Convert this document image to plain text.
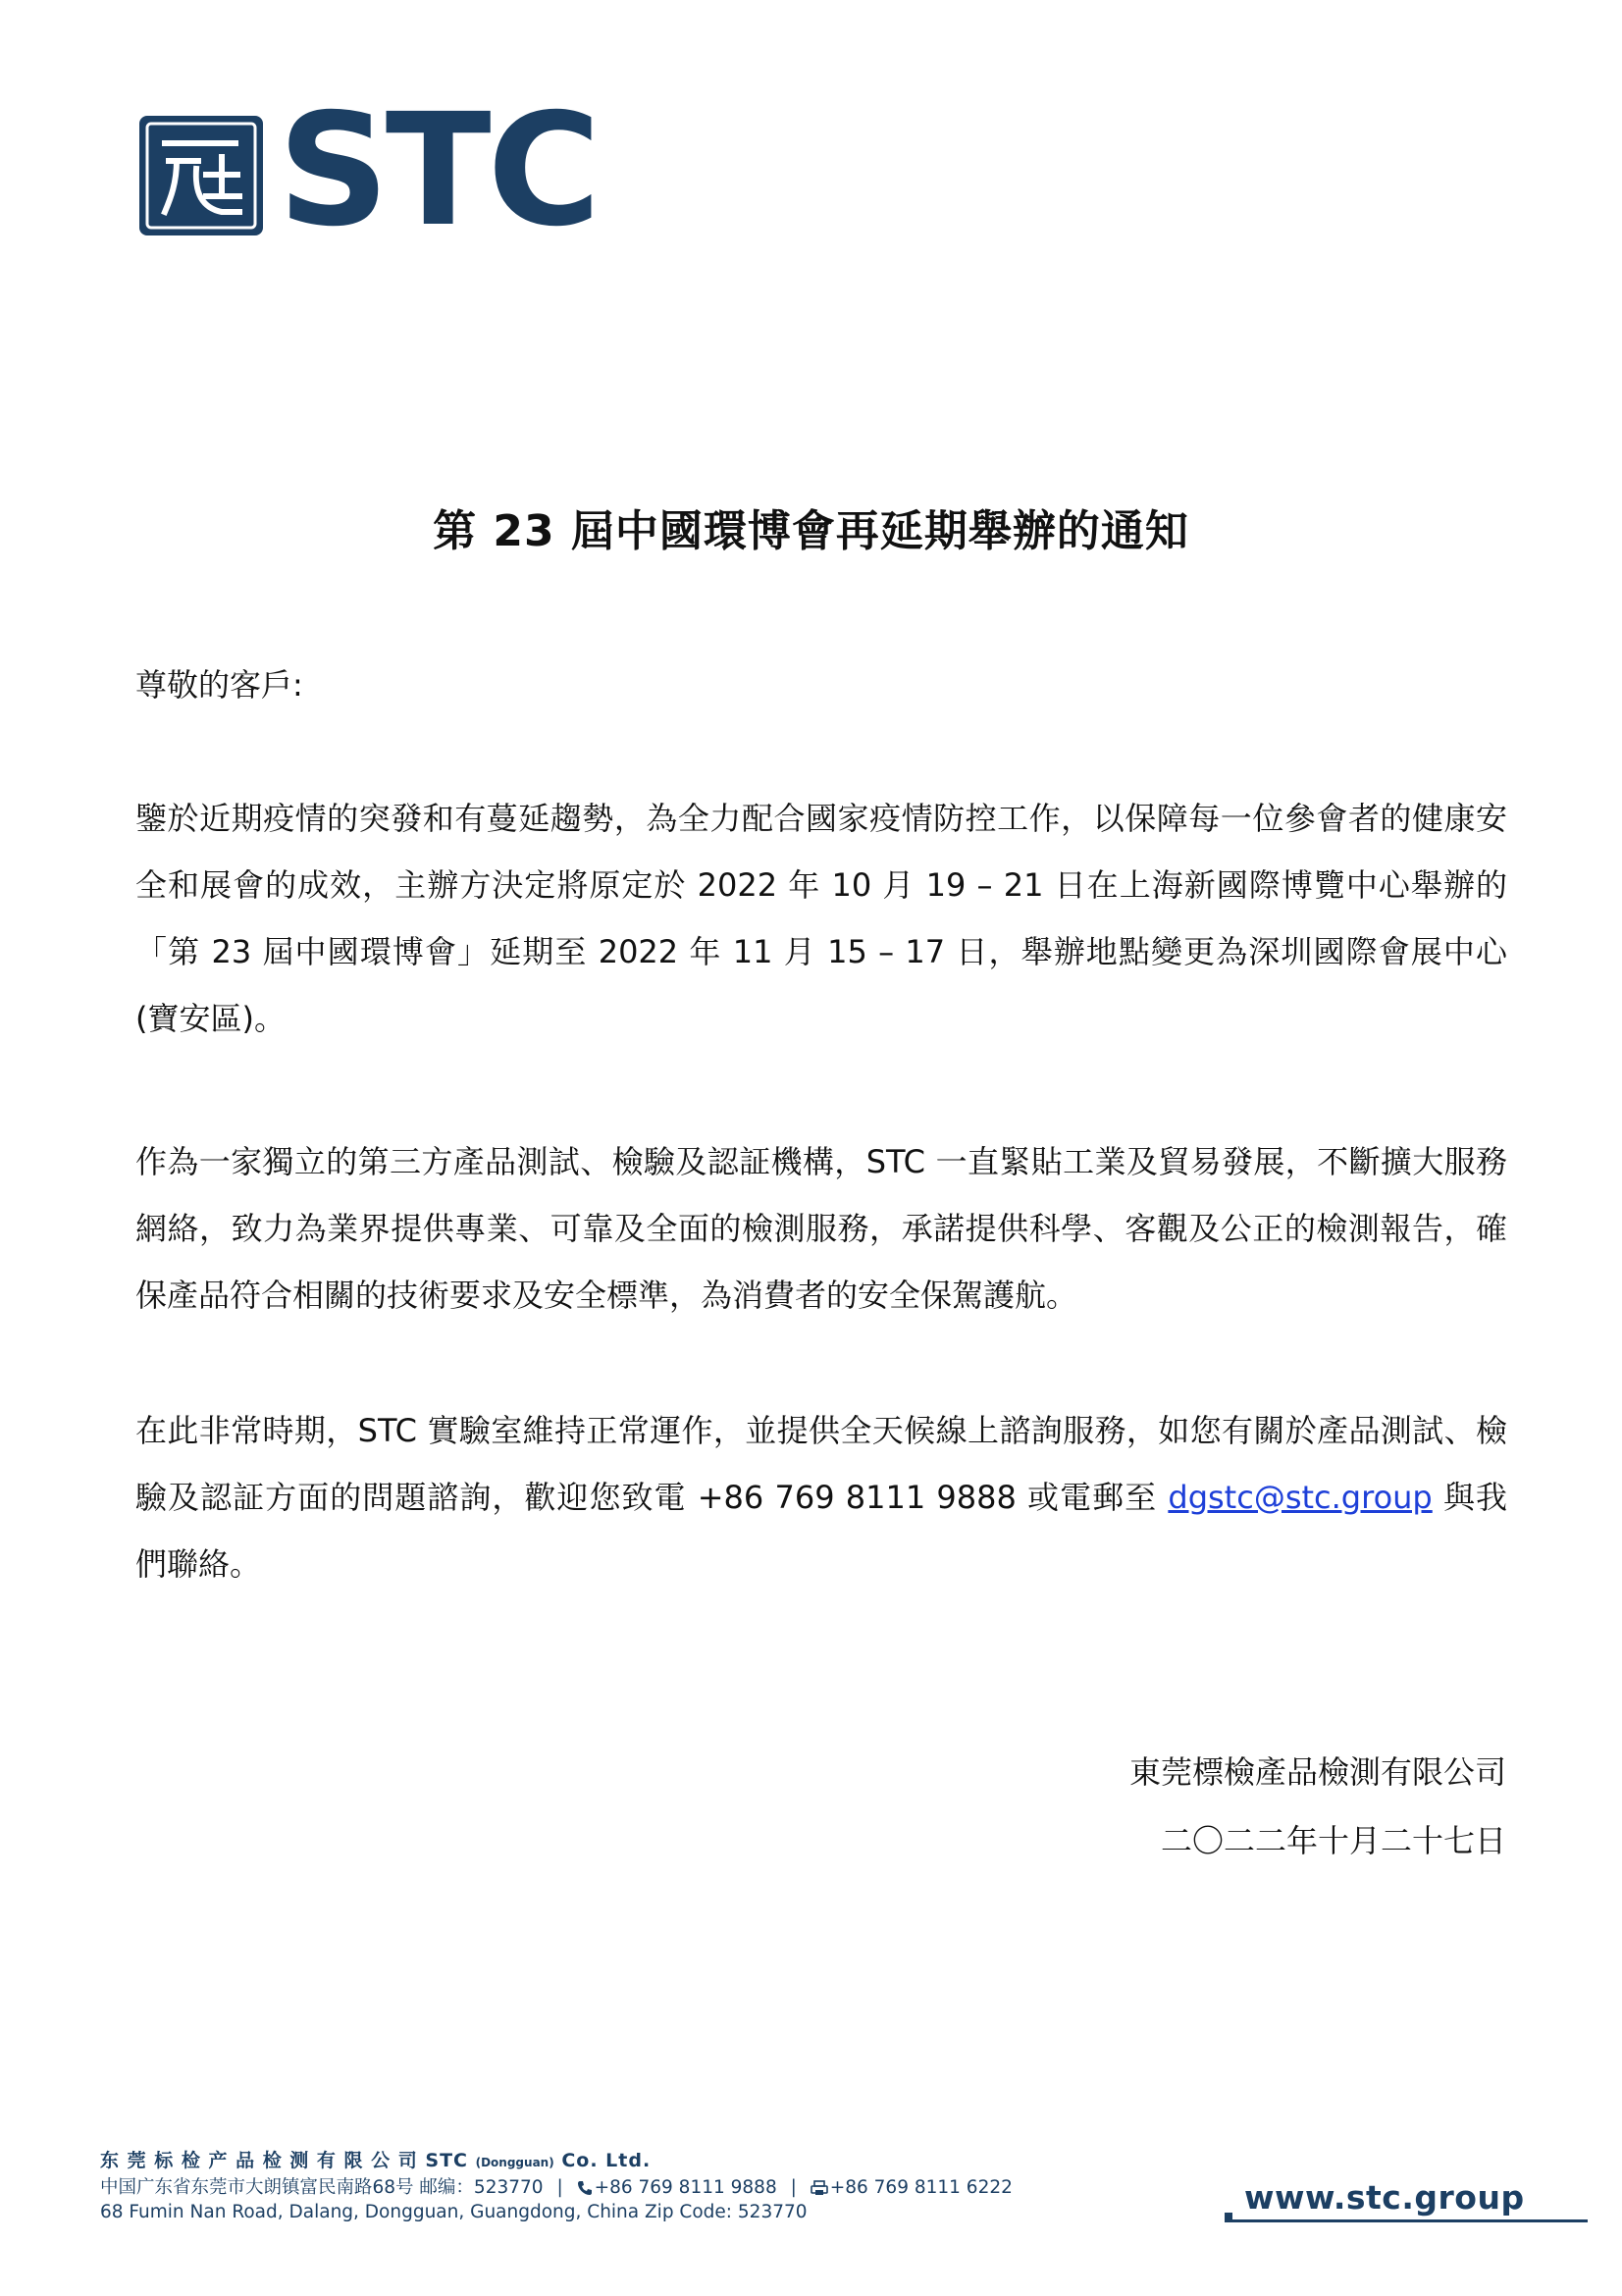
STC
第 23 屆中國環博會再延期舉辦的通知
尊敬的客戶:
鑒於近期疫情的突發和有蔓延趨勢，為全力配合國家疫情防控工作，以保障每一位參會者的健康安全和展會的成效，主辦方決定將原定於 2022 年 10 月 19 – 21 日在上海新國際博覽中心舉辦的「第 23 屆中國環博會」延期至 2022 年 11 月 15 – 17 日，舉辦地點變更為深圳國際會展中心 (寶安區)。
作為一家獨立的第三方產品測試、檢驗及認証機構，STC 一直緊貼工業及貿易發展，不斷擴大服務網絡，致力為業界提供專業、可靠及全面的檢測服務，承諾提供科學、客觀及公正的檢測報告，確保產品符合相關的技術要求及安全標準，為消費者的安全保駕護航。
在此非常時期，STC 實驗室維持正常運作，並提供全天候線上諮詢服務，如您有關於產品測試、檢驗及認証方面的問題諮詢，歡迎您致電 +86 769 8111 9888 或電郵至 dgstc@stc.group 與我們聯絡。
東莞標檢產品檢測有限公司
二〇二二年十月二十七日
东 莞 标 检 产 品 检 测 有 限 公 司 STC (Dongguan) Co. Ltd.
中国广东省东莞市大朗镇富民南路68号 邮编：523770 | +86 769 8111 9888 | +86 769 8111 6222
68 Fumin Nan Road, Dalang, Dongguan, Guangdong, China Zip Code: 523770	www.stc.group
